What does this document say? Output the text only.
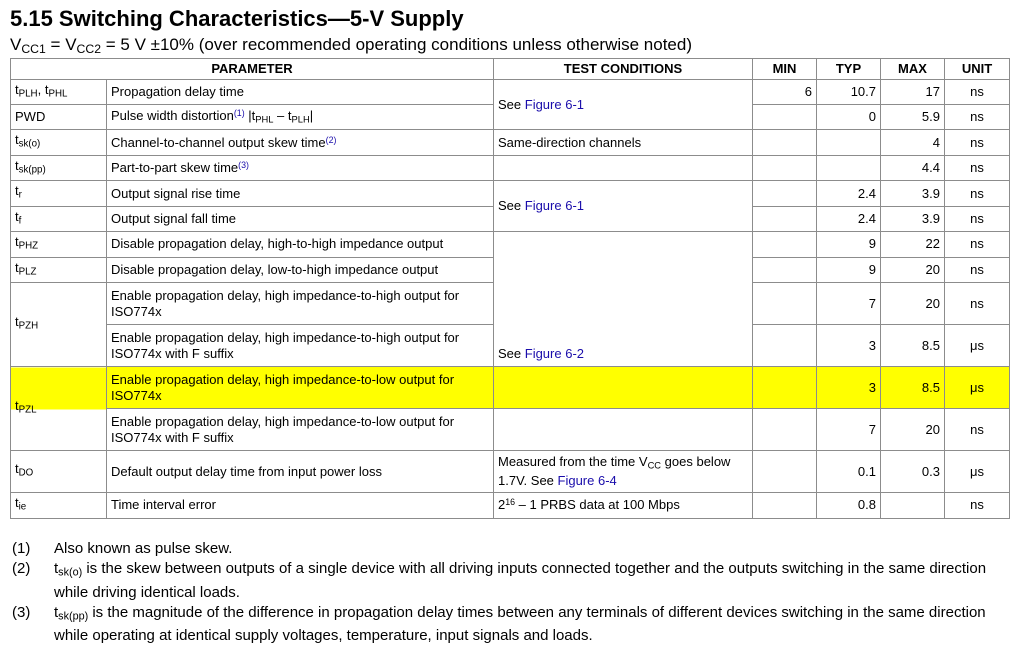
5.15 Switching Characteristics—5-V Supply
$V_{CC1} = V_{CC2} = 5$ V ±10% (over recommended operating conditions unless otherwise noted)
PARAMETER		TEST CONDITIONS	MIN	TYP	MAX	UNIT
$t_{PLH}$, $t_{PHL}$	Propagation delay time	See Figure 6-1	6	10.7	17	ns
PWD	Pulse width distortion$^{(1)}$ $|t_{PHL} - t_{PLH}|$			0	5.9	ns
$t_{sk(o)}$	Channel-to-channel output skew time$^{(2)}$	Same-direction channels			4	ns
$t_{sk(pp)}$	Part-to-part skew time$^{(3)}$				4.4	ns
$t_r$	Output signal rise time	See Figure 6-1		2.4	3.9	ns
$t_f$	Output signal fall time			2.4	3.9	ns
$t_{PHZ}$	Disable propagation delay, high-to-high impedance output	See Figure 6-2		9	22	ns
$t_{PLZ}$	Disable propagation delay, low-to-high impedance output			9	20	ns
$t_{PZH}$	Enable propagation delay, high impedance-to-high output for ISO774x			7	20	ns
	Enable propagation delay, high impedance-to-high output for ISO774x with F suffix			3	8.5	μs
$t_{PZL}$	Enable propagation delay, high impedance-to-low output for ISO774x			3	8.5	μs
	Enable propagation delay, high impedance-to-low output for ISO774x with F suffix			7	20	ns
$t_{DO}$	Default output delay time from input power loss	Measured from the time $V_{CC}$ goes below 1.7V. See Figure 6-4		0.1	0.3	μs
$t_{ie}$	Time interval error	$2^{16} - 1$ PRBS data at 100 Mbps		0.8		ns
(1)	Also known as pulse skew.
(2)	$t_{sk(o)}$ is the skew between outputs of a single device with all driving inputs connected together and the outputs switching in the same direction while driving identical loads.
(3)	$t_{sk(pp)}$ is the magnitude of the difference in propagation delay times between any terminals of different devices switching in the same direction while operating at identical supply voltages, temperature, input signals and loads.
